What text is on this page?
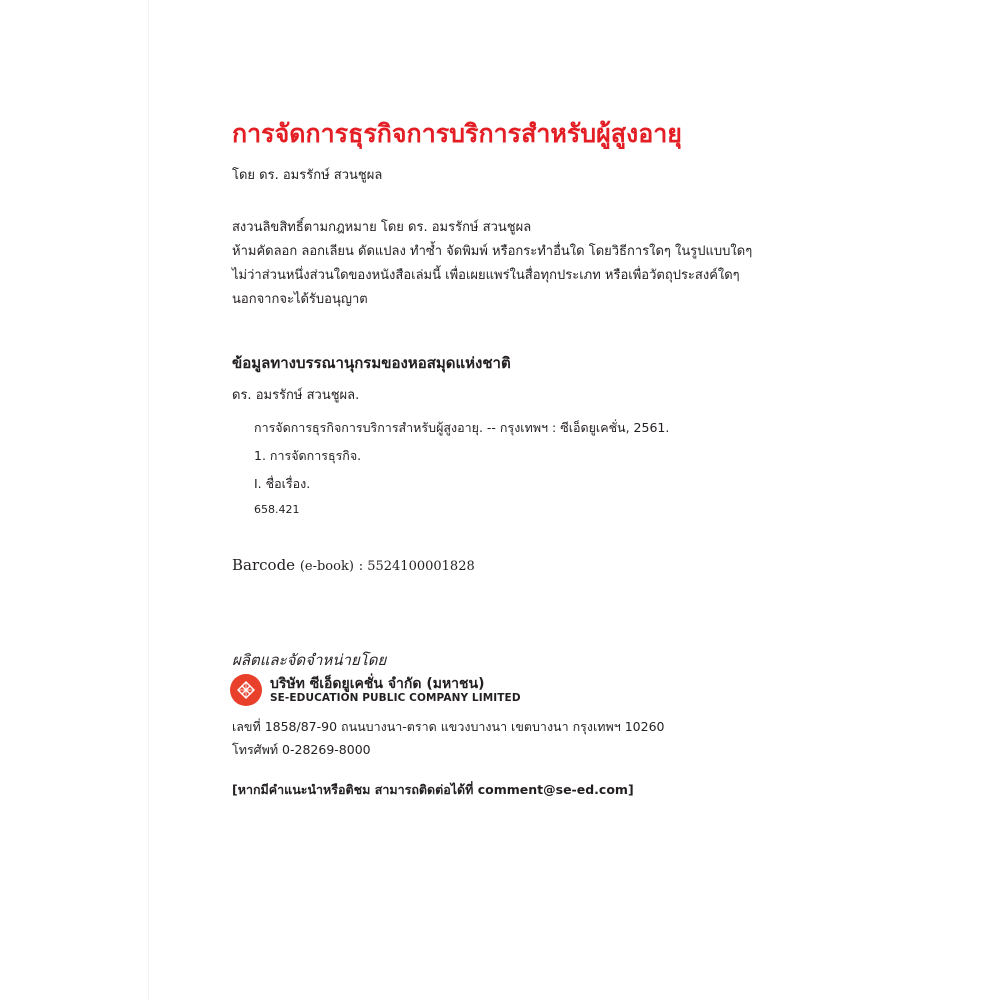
การจัดการธุรกิจการบริการสำหรับผู้สูงอายุ
โดย ดร. อมรรักษ์ สวนชูผล
สงวนลิขสิทธิ์ตามกฎหมาย โดย ดร. อมรรักษ์ สวนชูผล
ห้ามคัดลอก ลอกเลียน ดัดแปลง ทำซ้ำ จัดพิมพ์ หรือกระทำอื่นใด โดยวิธีการใดๆ ในรูปแบบใดๆ
ไม่ว่าส่วนหนึ่งส่วนใดของหนังสือเล่มนี้ เพื่อเผยแพร่ในสื่อทุกประเภท หรือเพื่อวัตถุประสงค์ใดๆ
นอกจากจะได้รับอนุญาต
ข้อมูลทางบรรณานุกรมของหอสมุดแห่งชาติ
ดร. อมรรักษ์ สวนชูผล.
การจัดการธุรกิจการบริการสำหรับผู้สูงอายุ. -- กรุงเทพฯ : ซีเอ็ดยูเคชั่น, 2561.
1. การจัดการธุรกิจ.
I. ชื่อเรื่อง.
658.421
Barcode (e-book) : 5524100001828
ผลิตและจัดจำหน่ายโดย
บริษัท ซีเอ็ดยูเคชั่น จำกัด (มหาชน)
SE-EDUCATION PUBLIC COMPANY LIMITED
เลขที่ 1858/87-90 ถนนบางนา-ตราด แขวงบางนา เขตบางนา กรุงเทพฯ 10260
โทรศัพท์ 0-28269-8000
[หากมีคำแนะนำหรือติชม สามารถติดต่อได้ที่ comment@se-ed.com]
